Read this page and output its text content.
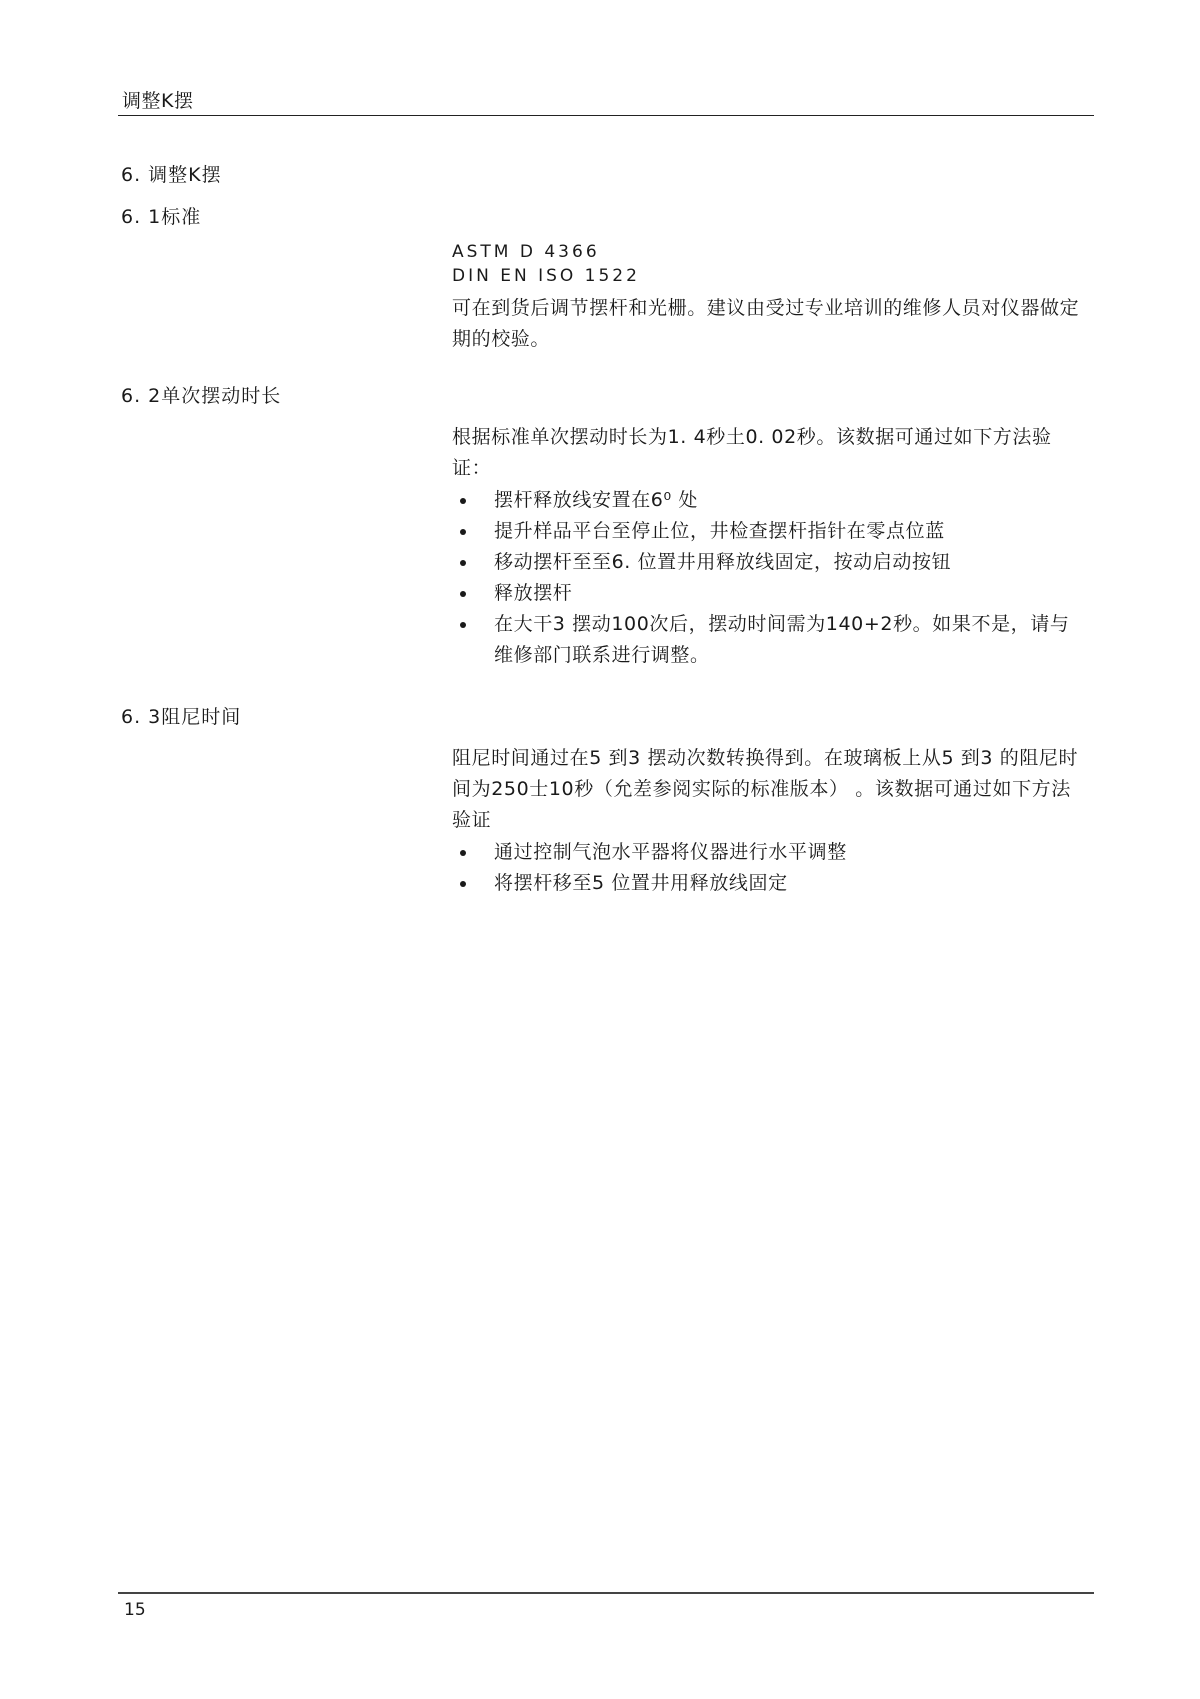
调整K摆
6. 调整K摆
6. 1标准
ASTM D 4366
DIN EN ISO 1522

可在到货后调节摆杆和光栅。建议由受过专业培训的维修人员对仪器做定期的校验。

6. 2单次摆动时长

根据标准单次摆动时长为1. 4秒土0. 02秒。该数据可通过如下方法验证：

摆杆释放线安置在6⁰ 处
提升样品平台至停止位，井检查摆杆指针在零点位蓝
移动摆杆至至6. 位置井用释放线固定，按动启动按钮
释放摆杆
在大干3 摆动100次后，摆动时间需为140+2秒。如果不是，请与维修部门联系进行调整。
6. 3阻尼时间

阻尼时间通过在5 到3 摆动次数转换得到。在玻璃板上从5 到3 的阻尼时间为250士10秒（允差参阅实际的标准版本） 。该数据可通过如下方法验证

通过控制气泡水平器将仪器进行水平调整
将摆杆移至5 位置井用释放线固定
15
